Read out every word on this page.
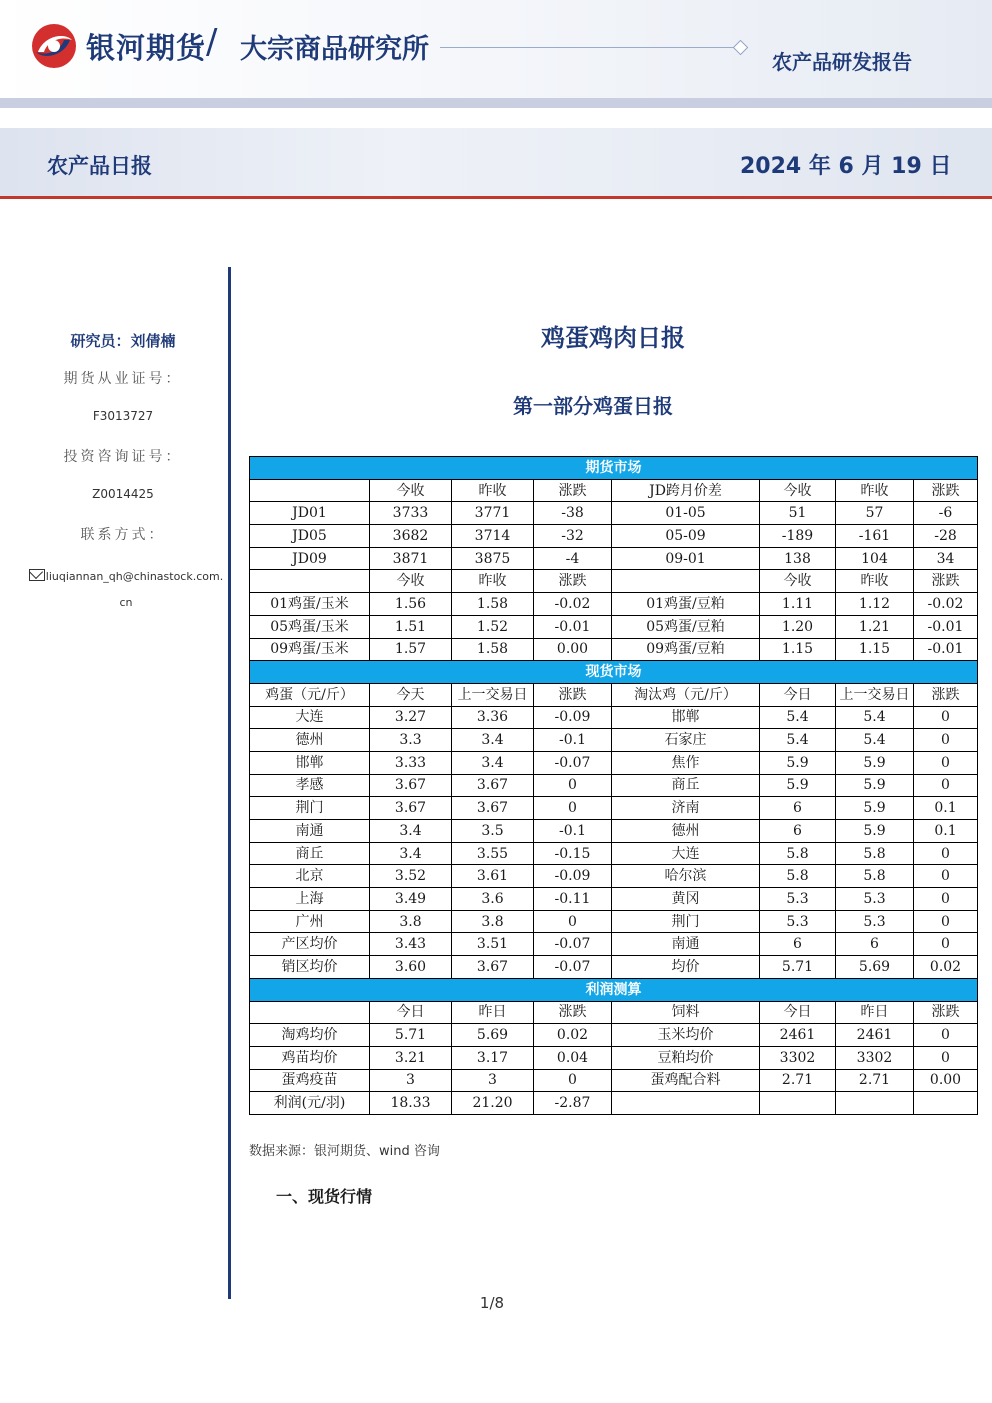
银河期货 / 大宗商品研究所	农产品研发报告
农产品日报	2024 年 6 月 19 日
研究员：刘倩楠
期货从业证号：
F3013727
投资咨询证号：
Z0014425
联系方式：
liuqiannan_qh@chinastock.com.cn
鸡蛋鸡肉日报
第一部分鸡蛋日报
期货市场							
	今收	昨收	涨跌	JD跨月价差	今收	昨收	涨跌
JD01	3733	3771	-38	01-05	51	57	-6
JD05	3682	3714	-32	05-09	-189	-161	-28
JD09	3871	3875	-4	09-01	138	104	34
	今收	昨收	涨跌		今收	昨收	涨跌
01鸡蛋/玉米	1.56	1.58	-0.02	01鸡蛋/豆粕	1.11	1.12	-0.02
05鸡蛋/玉米	1.51	1.52	-0.01	05鸡蛋/豆粕	1.20	1.21	-0.01
09鸡蛋/玉米	1.57	1.58	0.00	09鸡蛋/豆粕	1.15	1.15	-0.01
现货市场							
鸡蛋（元/斤）	今天	上一交易日	涨跌	淘汰鸡（元/斤）	今日	上一交易日	涨跌
大连	3.27	3.36	-0.09	邯郸	5.4	5.4	0
德州	3.3	3.4	-0.1	石家庄	5.4	5.4	0
邯郸	3.33	3.4	-0.07	焦作	5.9	5.9	0
孝感	3.67	3.67	0	商丘	5.9	5.9	0
荆门	3.67	3.67	0	济南	6	5.9	0.1
南通	3.4	3.5	-0.1	德州	6	5.9	0.1
商丘	3.4	3.55	-0.15	大连	5.8	5.8	0
北京	3.52	3.61	-0.09	哈尔滨	5.8	5.8	0
上海	3.49	3.6	-0.11	黄冈	5.3	5.3	0
广州	3.8	3.8	0	荆门	5.3	5.3	0
产区均价	3.43	3.51	-0.07	南通	6	6	0
销区均价	3.60	3.67	-0.07	均价	5.71	5.69	0.02
利润测算							
	今日	昨日	涨跌	饲料	今日	昨日	涨跌
淘鸡均价	5.71	5.69	0.02	玉米均价	2461	2461	0
鸡苗均价	3.21	3.17	0.04	豆粕均价	3302	3302	0
蛋鸡疫苗	3	3	0	蛋鸡配合料	2.71	2.71	0.00
利润(元/羽)	18.33	21.20	-2.87				
数据来源：银河期货、wind 咨询
一、现货行情
1/8
